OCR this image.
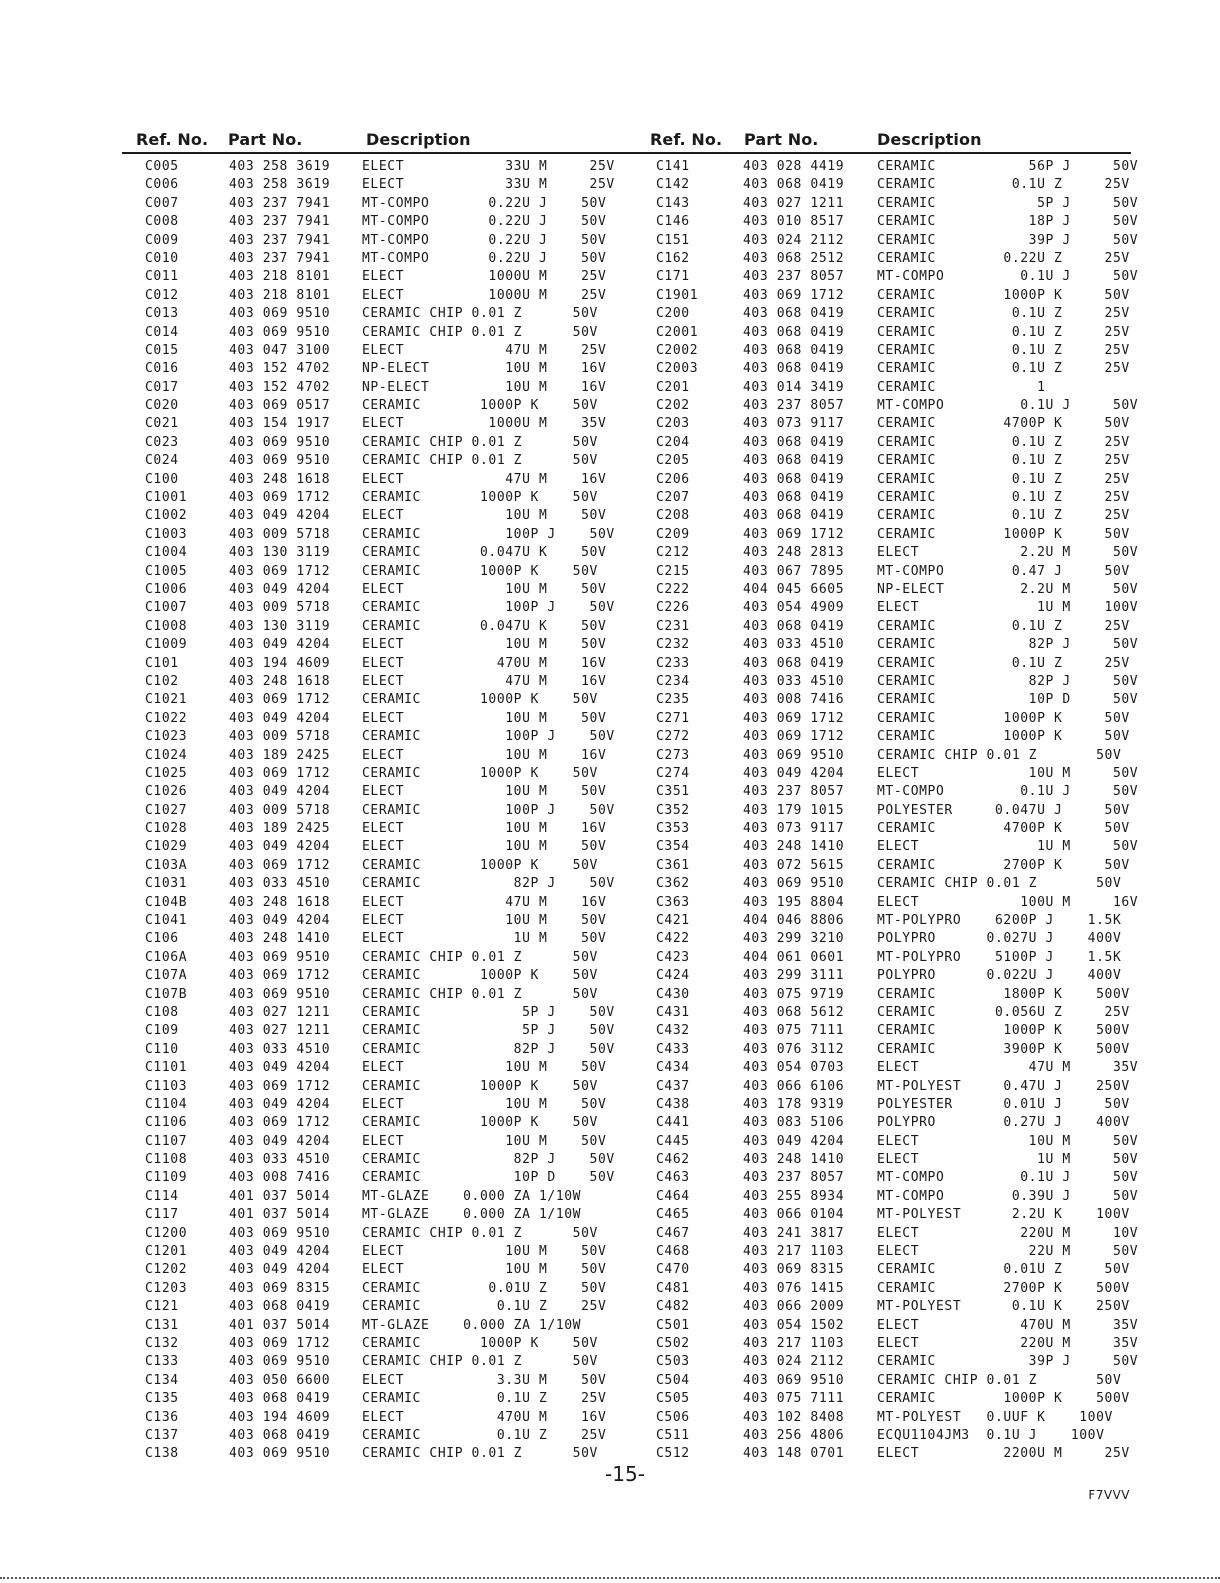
Ref. No. Part No.	Description	Ref. No. Part No.	Description
C005	403 258 3619 ELECT            33U M     25V
C006	403 258 3619 ELECT            33U M     25V
C007	403 237 7941 MT-COMPO       0.22U J    50V
C008	403 237 7941 MT-COMPO       0.22U J    50V
C009	403 237 7941 MT-COMPO       0.22U J    50V
C010	403 237 7941 MT-COMPO       0.22U J    50V
C011	403 218 8101 ELECT          1000U M    25V
C012	403 218 8101 ELECT          1000U M    25V
C013	403 069 9510 CERAMIC CHIP 0.01 Z      50V
C014	403 069 9510 CERAMIC CHIP 0.01 Z      50V
C015	403 047 3100 ELECT            47U M    25V
C016	403 152 4702 NP-ELECT         10U M    16V
C017	403 152 4702 NP-ELECT         10U M    16V
C020	403 069 0517 CERAMIC       1000P K    50V
C021	403 154 1917 ELECT          1000U M    35V
C023	403 069 9510 CERAMIC CHIP 0.01 Z      50V
C024	403 069 9510 CERAMIC CHIP 0.01 Z      50V
C100	403 248 1618 ELECT            47U M    16V
C1001	403 069 1712 CERAMIC       1000P K    50V
C1002	403 049 4204 ELECT            10U M    50V
C1003	403 009 5718 CERAMIC          100P J    50V
C1004	403 130 3119 CERAMIC       0.047U K    50V
C1005	403 069 1712 CERAMIC       1000P K    50V
C1006	403 049 4204 ELECT            10U M    50V
C1007	403 009 5718 CERAMIC          100P J    50V
C1008	403 130 3119 CERAMIC       0.047U K    50V
C1009	403 049 4204 ELECT            10U M    50V
C101	403 194 4609 ELECT           470U M    16V
C102	403 248 1618 ELECT            47U M    16V
C1021	403 069 1712 CERAMIC       1000P K    50V
C1022	403 049 4204 ELECT            10U M    50V
C1023	403 009 5718 CERAMIC          100P J    50V
C1024	403 189 2425 ELECT            10U M    16V
C1025	403 069 1712 CERAMIC       1000P K    50V
C1026	403 049 4204 ELECT            10U M    50V
C1027	403 009 5718 CERAMIC          100P J    50V
C1028	403 189 2425 ELECT            10U M    16V
C1029	403 049 4204 ELECT            10U M    50V
C103A	403 069 1712 CERAMIC       1000P K    50V
C1031	403 033 4510 CERAMIC           82P J    50V
C104B	403 248 1618 ELECT            47U M    16V
C1041	403 049 4204 ELECT            10U M    50V
C106	403 248 1410 ELECT             1U M    50V
C106A	403 069 9510 CERAMIC CHIP 0.01 Z      50V
C107A	403 069 1712 CERAMIC       1000P K    50V
C107B	403 069 9510 CERAMIC CHIP 0.01 Z      50V
C108	403 027 1211 CERAMIC            5P J    50V
C109	403 027 1211 CERAMIC            5P J    50V
C110	403 033 4510 CERAMIC           82P J    50V
C1101	403 049 4204 ELECT            10U M    50V
C1103	403 069 1712 CERAMIC       1000P K    50V
C1104	403 049 4204 ELECT            10U M    50V
C1106	403 069 1712 CERAMIC       1000P K    50V
C1107	403 049 4204 ELECT            10U M    50V
C1108	403 033 4510 CERAMIC           82P J    50V
C1109	403 008 7416 CERAMIC           10P D    50V
C114	401 037 5014 MT-GLAZE    0.000 ZA 1/10W
C117	401 037 5014 MT-GLAZE    0.000 ZA 1/10W
C1200	403 069 9510 CERAMIC CHIP 0.01 Z      50V
C1201	403 049 4204 ELECT            10U M    50V
C1202	403 049 4204 ELECT            10U M    50V
C1203	403 069 8315 CERAMIC        0.01U Z    50V
C121	403 068 0419 CERAMIC         0.1U Z    25V
C131	401 037 5014 MT-GLAZE    0.000 ZA 1/10W
C132	403 069 1712 CERAMIC       1000P K    50V
C133	403 069 9510 CERAMIC CHIP 0.01 Z      50V
C134	403 050 6600 ELECT           3.3U M    50V
C135	403 068 0419 CERAMIC         0.1U Z    25V
C136	403 194 4609 ELECT           470U M    16V
C137	403 068 0419 CERAMIC         0.1U Z    25V
C138	403 069 9510 CERAMIC CHIP 0.01 Z      50V
C141	403 028 4419	CERAMIC           56P J     50V
C142	403 068 0419	CERAMIC         0.1U Z     25V
C143	403 027 1211	CERAMIC            5P J     50V
C146	403 010 8517	CERAMIC           18P J     50V
C151	403 024 2112	CERAMIC           39P J     50V
C162	403 068 2512	CERAMIC        0.22U Z     25V
C171	403 237 8057	MT-COMPO         0.1U J     50V
C1901	403 069 1712	CERAMIC        1000P K     50V
C200	403 068 0419	CERAMIC         0.1U Z     25V
C2001	403 068 0419	CERAMIC         0.1U Z     25V
C2002	403 068 0419	CERAMIC         0.1U Z     25V
C2003	403 068 0419	CERAMIC         0.1U Z     25V
C201	403 014 3419	CERAMIC            1
C202	403 237 8057	MT-COMPO         0.1U J     50V
C203	403 073 9117	CERAMIC        4700P K     50V
C204	403 068 0419	CERAMIC         0.1U Z     25V
C205	403 068 0419	CERAMIC         0.1U Z     25V
C206	403 068 0419	CERAMIC         0.1U Z     25V
C207	403 068 0419	CERAMIC         0.1U Z     25V
C208	403 068 0419	CERAMIC         0.1U Z     25V
C209	403 069 1712	CERAMIC        1000P K     50V
C212	403 248 2813	ELECT            2.2U M     50V
C215	403 067 7895	MT-COMPO        0.47 J     50V
C222	404 045 6605	NP-ELECT         2.2U M     50V
C226	403 054 4909	ELECT              1U M    100V
C231	403 068 0419	CERAMIC         0.1U Z     25V
C232	403 033 4510	CERAMIC           82P J     50V
C233	403 068 0419	CERAMIC         0.1U Z     25V
C234	403 033 4510	CERAMIC           82P J     50V
C235	403 008 7416	CERAMIC           10P D     50V
C271	403 069 1712	CERAMIC        1000P K     50V
C272	403 069 1712	CERAMIC        1000P K     50V
C273	403 069 9510	CERAMIC CHIP 0.01 Z       50V
C274	403 049 4204	ELECT             10U M     50V
C351	403 237 8057	MT-COMPO         0.1U J     50V
C352	403 179 1015	POLYESTER     0.047U J     50V
C353	403 073 9117	CERAMIC        4700P K     50V
C354	403 248 1410	ELECT              1U M     50V
C361	403 072 5615	CERAMIC        2700P K     50V
C362	403 069 9510	CERAMIC CHIP 0.01 Z       50V
C363	403 195 8804	ELECT            100U M     16V
C421	404 046 8806	MT-POLYPRO    6200P J    1.5K
C422	403 299 3210	POLYPRO      0.027U J    400V
C423	404 061 0601	MT-POLYPRO    5100P J    1.5K
C424	403 299 3111	POLYPRO      0.022U J    400V
C430	403 075 9719	CERAMIC        1800P K    500V
C431	403 068 5612	CERAMIC       0.056U Z     25V
C432	403 075 7111	CERAMIC        1000P K    500V
C433	403 076 3112	CERAMIC        3900P K    500V
C434	403 054 0703	ELECT             47U M     35V
C437	403 066 6106	MT-POLYEST     0.47U J    250V
C438	403 178 9319	POLYESTER      0.01U J     50V
C441	403 083 5106	POLYPRO        0.27U J    400V
C445	403 049 4204	ELECT             10U M     50V
C462	403 248 1410	ELECT              1U M     50V
C463	403 237 8057	MT-COMPO         0.1U J     50V
C464	403 255 8934	MT-COMPO        0.39U J     50V
C465	403 066 0104	MT-POLYEST      2.2U K    100V
C467	403 241 3817	ELECT            220U M     10V
C468	403 217 1103	ELECT             22U M     50V
C470	403 069 8315	CERAMIC        0.01U Z     50V
C481	403 076 1415	CERAMIC        2700P K    500V
C482	403 066 2009	MT-POLYEST      0.1U K    250V
C501	403 054 1502	ELECT            470U M     35V
C502	403 217 1103	ELECT            220U M     35V
C503	403 024 2112	CERAMIC           39P J     50V
C504	403 069 9510	CERAMIC CHIP 0.01 Z       50V
C505	403 075 7111	CERAMIC        1000P K    500V
C506	403 102 8408	MT-POLYEST   0.UUF K    100V
C511	403 256 4806	ECQU1104JM3  0.1U J    100V
C512	403 148 0701	ELECT          2200U M     25V
-15-
F7VVV
